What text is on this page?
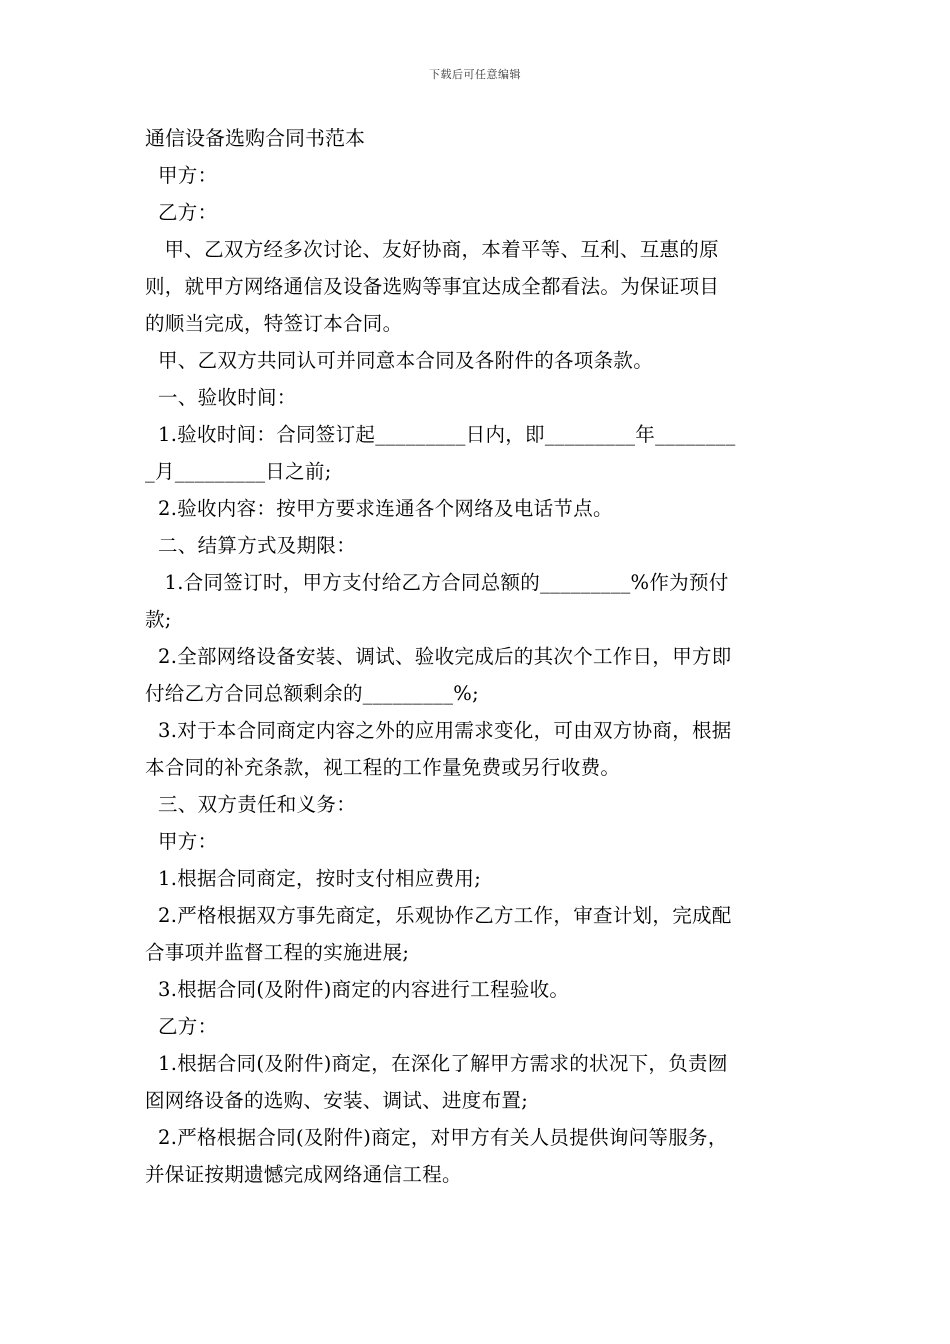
下载后可任意编辑
通信设备选购合同书范本
甲方：
乙方：
甲、乙双方经多次讨论、友好协商，本着平等、互利、互惠的原
则，就甲方网络通信及设备选购等事宜达成全都看法。为保证项目
的顺当完成，特签订本合同。
甲、乙双方共同认可并同意本合同及各附件的各项条款。
一、验收时间：
1.验收时间：合同签订起_________日内，即_________年________
_月_________日之前;
2.验收内容：按甲方要求连通各个网络及电话节点。
二、结算方式及期限：
1.合同签订时，甲方支付给乙方合同总额的_________%作为预付
款;
2.全部网络设备安装、调试、验收完成后的其次个工作日，甲方即
付给乙方合同总额剩余的_________%;
3.对于本合同商定内容之外的应用需求变化，可由双方协商，根据
本合同的补充条款，视工程的工作量免费或另行收费。
三、双方责任和义务：
甲方：
1.根据合同商定，按时支付相应费用;
2.严格根据双方事先商定，乐观协作乙方工作，审查计划，完成配
合事项并监督工程的实施进展;
3.根据合同(及附件)商定的内容进行工程验收。
乙方：
1.根据合同(及附件)商定，在深化了解甲方需求的状况下，负责囫
囵网络设备的选购、安装、调试、进度布置;
2.严格根据合同(及附件)商定，对甲方有关人员提供询问等服务，
并保证按期遗憾完成网络通信工程。
